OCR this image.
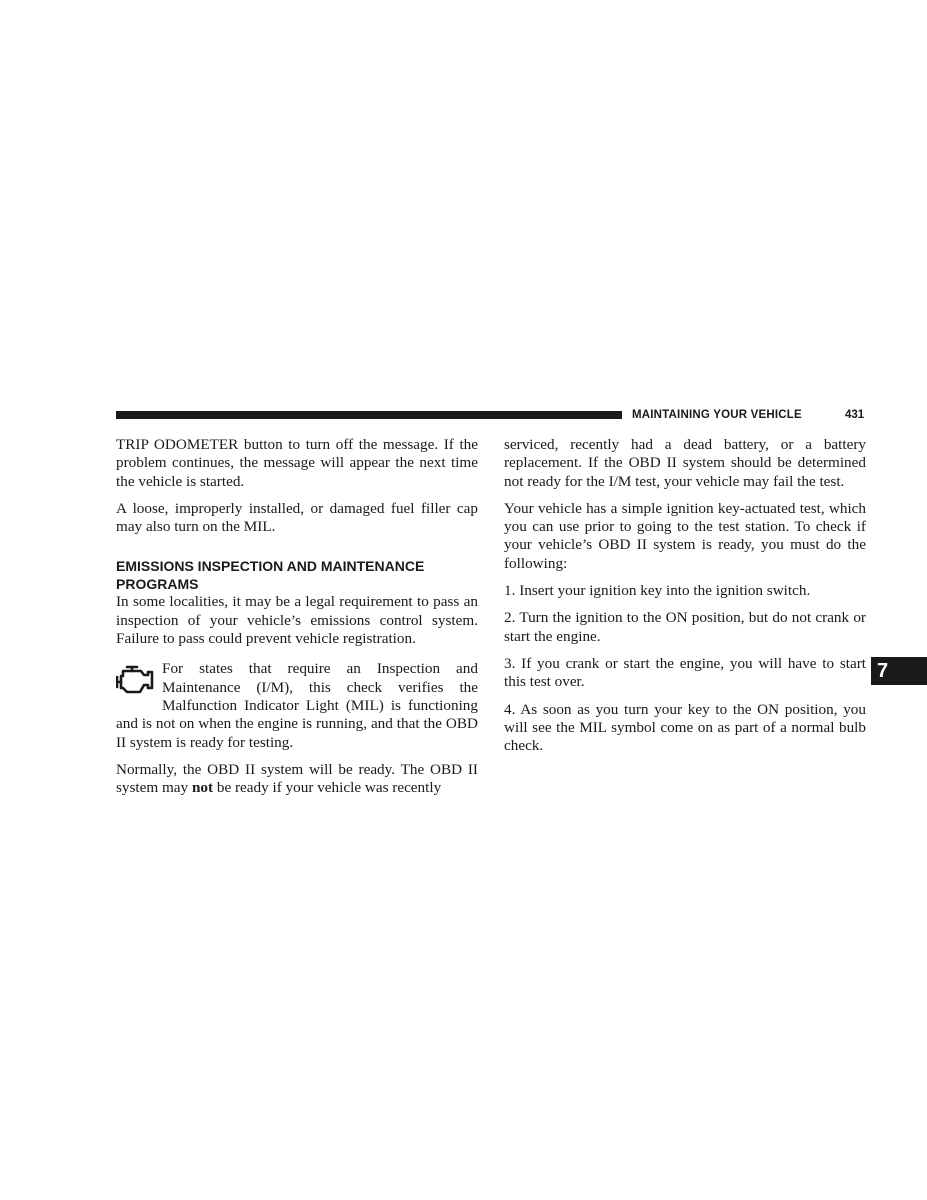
MAINTAINING YOUR VEHICLE	431

TRIP ODOMETER button to turn off the message. If the problem continues, the message will appear the next time the vehicle is started.

A loose, improperly installed, or damaged fuel filler cap may also turn on the MIL.

EMISSIONS INSPECTION AND MAINTENANCE PROGRAMS

In some localities, it may be a legal requirement to pass an inspection of your vehicle’s emissions control system. Failure to pass could prevent vehicle registration.

For states that require an Inspection and Maintenance (I/M), this check verifies the Malfunction Indicator Light (MIL) is functioning and is not on when the engine is running, and that the OBD II system is ready for testing.

Normally, the OBD II system will be ready. The OBD II system may not be ready if your vehicle was recently

serviced, recently had a dead battery, or a battery replacement. If the OBD II system should be determined not ready for the I/M test, your vehicle may fail the test.

Your vehicle has a simple ignition key-actuated test, which you can use prior to going to the test station. To check if your vehicle’s OBD II system is ready, you must do the following:

1. Insert your ignition key into the ignition switch.

2. Turn the ignition to the ON position, but do not crank or start the engine.

3. If you crank or start the engine, you will have to start this test over.

4. As soon as you turn your key to the ON position, you will see the MIL symbol come on as part of a normal bulb check.

7
